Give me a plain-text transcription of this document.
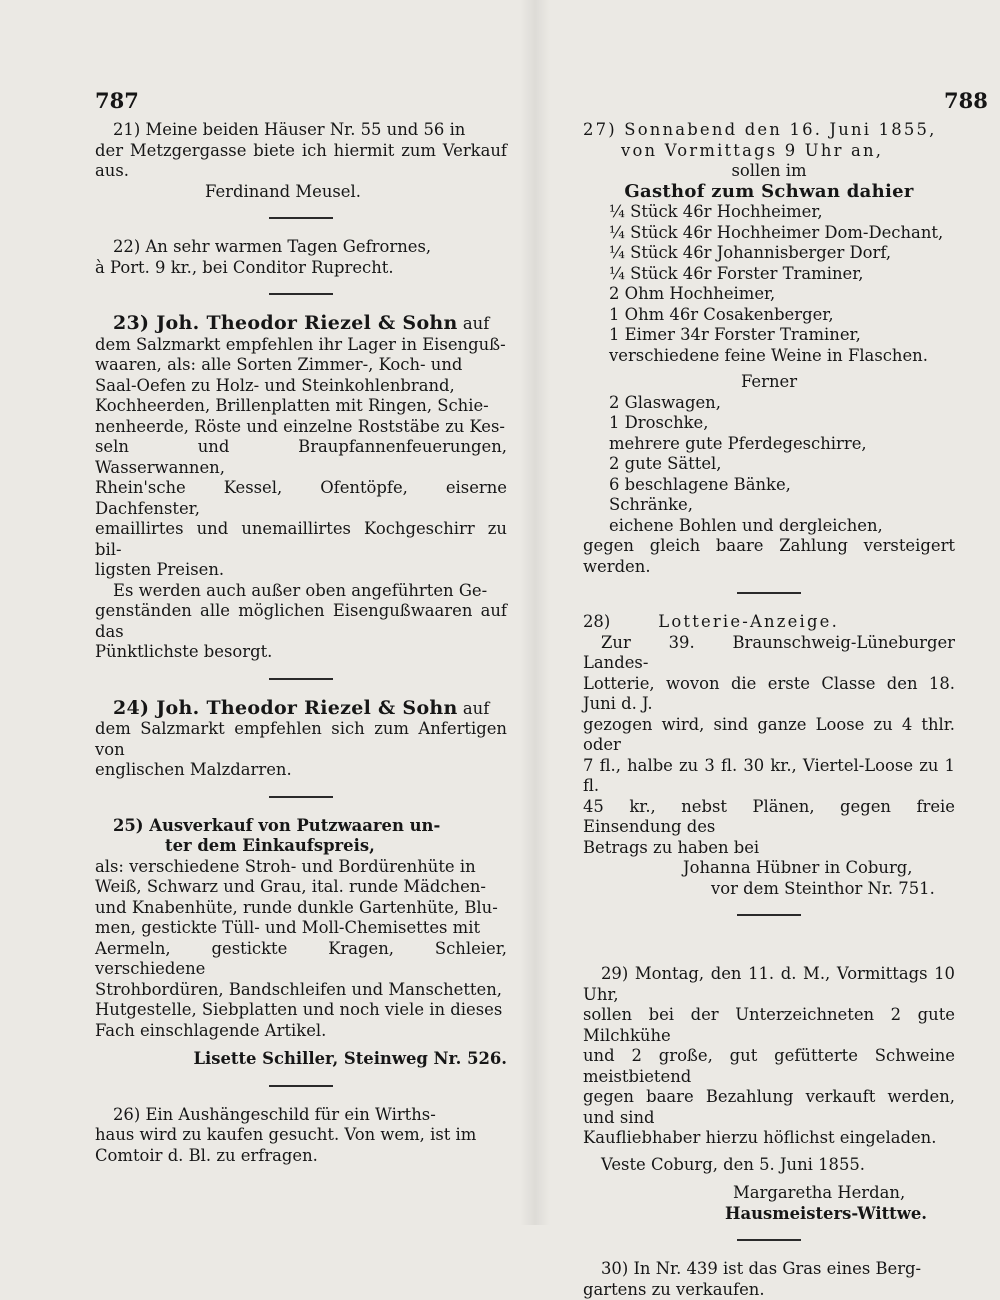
787	788

21) Meine beiden Häuser Nr. 55 und 56 in

der Metzgergasse biete ich hiermit zum Verkauf aus.

Ferdinand Meusel.

22) An sehr warmen Tagen Gefrornes,

à Port. 9 kr., bei Conditor Ruprecht.

23) Joh. Theodor Riezel & Sohn auf

dem Salzmarkt empfehlen ihr Lager in Eisenguß-

waaren, als: alle Sorten Zimmer-, Koch- und

Saal-Oefen zu Holz- und Steinkohlenbrand,

Kochheerden, Brillenplatten mit Ringen, Schie-

nenheerde, Röste und einzelne Roststäbe zu Kes-

seln und Braupfannenfeuerungen, Wasserwannen,

Rhein'sche Kessel, Ofentöpfe, eiserne Dachfenster,

emaillirtes und unemaillirtes Kochgeschirr zu bil-

ligsten Preisen.

Es werden auch außer oben angeführten Ge-

genständen alle möglichen Eisengußwaaren auf das

Pünktlichste besorgt.

24) Joh. Theodor Riezel & Sohn auf

dem Salzmarkt empfehlen sich zum Anfertigen von

englischen Malzdarren.

25) Ausverkauf von Putzwaaren un-

ter dem Einkaufspreis,

als: verschiedene Stroh- und Bordürenhüte in

Weiß, Schwarz und Grau, ital. runde Mädchen-

und Knabenhüte, runde dunkle Gartenhüte, Blu-

men, gestickte Tüll- und Moll-Chemisettes mit

Aermeln, gestickte Kragen, Schleier, verschiedene

Strohbordüren, Bandschleifen und Manschetten,

Hutgestelle, Siebplatten und noch viele in dieses

Fach einschlagende Artikel.

Lisette Schiller, Steinweg Nr. 526.

26) Ein Aushängeschild für ein Wirths-

haus wird zu kaufen gesucht. Von wem, ist im

Comtoir d. Bl. zu erfragen.

27) Sonnabend den 16. Juni 1855,

von Vormittags 9 Uhr an,

sollen im

Gasthof zum Schwan dahier

¼ Stück 46r Hochheimer,

¼ Stück 46r Hochheimer Dom-Dechant,

¼ Stück 46r Johannisberger Dorf,

¼ Stück 46r Forster Traminer,

2 Ohm Hochheimer,

1 Ohm 46r Cosakenberger,

1 Eimer 34r Forster Traminer,

verschiedene feine Weine in Flaschen.

Ferner

2 Glaswagen,

1 Droschke,

mehrere gute Pferdegeschirre,

2 gute Sättel,

6 beschlagene Bänke,

Schränke,

eichene Bohlen und dergleichen,

gegen gleich baare Zahlung versteigert werden.

28)	Lotterie-Anzeige.

Zur 39. Braunschweig-Lüneburger Landes-

Lotterie, wovon die erste Classe den 18. Juni d. J.

gezogen wird, sind ganze Loose zu 4 thlr. oder

7 fl., halbe zu 3 fl. 30 kr., Viertel-Loose zu 1 fl.

45 kr., nebst Plänen, gegen freie Einsendung des

Betrags zu haben bei

Johanna Hübner in Coburg,

vor dem Steinthor Nr. 751.

29) Montag, den 11. d. M., Vormittags 10 Uhr,

sollen bei der Unterzeichneten 2 gute Milchkühe

und 2 große, gut gefütterte Schweine meistbietend

gegen baare Bezahlung verkauft werden, und sind

Kaufliebhaber hierzu höflichst eingeladen.

Veste Coburg, den 5. Juni 1855.

Margaretha Herdan,

Hausmeisters-Wittwe.

30) In Nr. 439 ist das Gras eines Berg-

gartens zu verkaufen.
